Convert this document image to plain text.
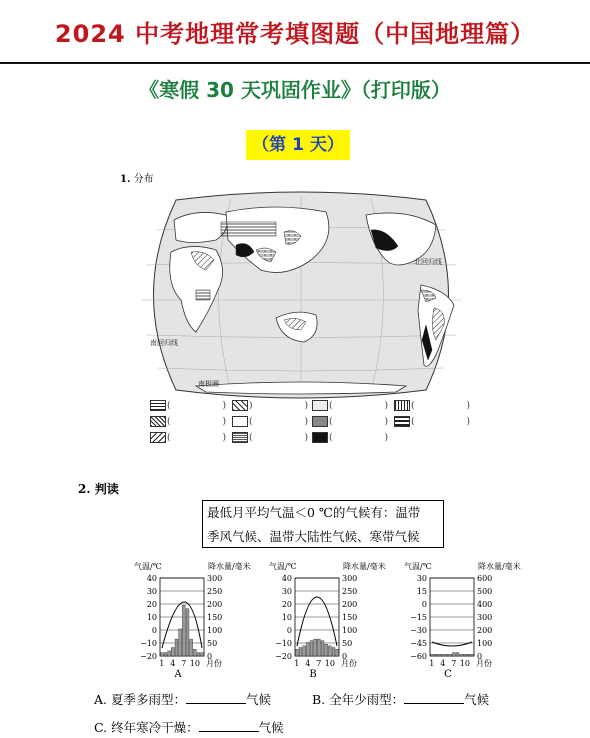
2024 中考地理常考填图题（中国地理篇）
《寒假 30 天巩固作业》（打印版）
（第 1 天）
1. 分布
北回归线
南回归线
南极圈
(	)	)	)	(	)	(	)
(	)	(	)	(	)	(	)
(	)	(	)	(	)
2. 判读
最低月平均气温＜0 ℃的气候有：温带
季风气候、温带大陆性气候、寒带气候
气温/℃	降水量/毫米
40	300
30	250
20	200
10	150
0	100
−10	50
−20	0
1 4 7 10 月份
A
气温/℃	降水量/毫米
40	300
30	250
20	200
10	150
0	100
−10	50
−20	0
1 4 7 10 月份
B
气温/℃	降水量/毫米
30	600
15	500
0	400
−15	300
−30	200
−45	100
−60	0
1 4 7 10 月份
C
A. 夏季多雨型：	气候	B. 全年少雨型：	气候
C. 终年寒冷干燥：	气候
